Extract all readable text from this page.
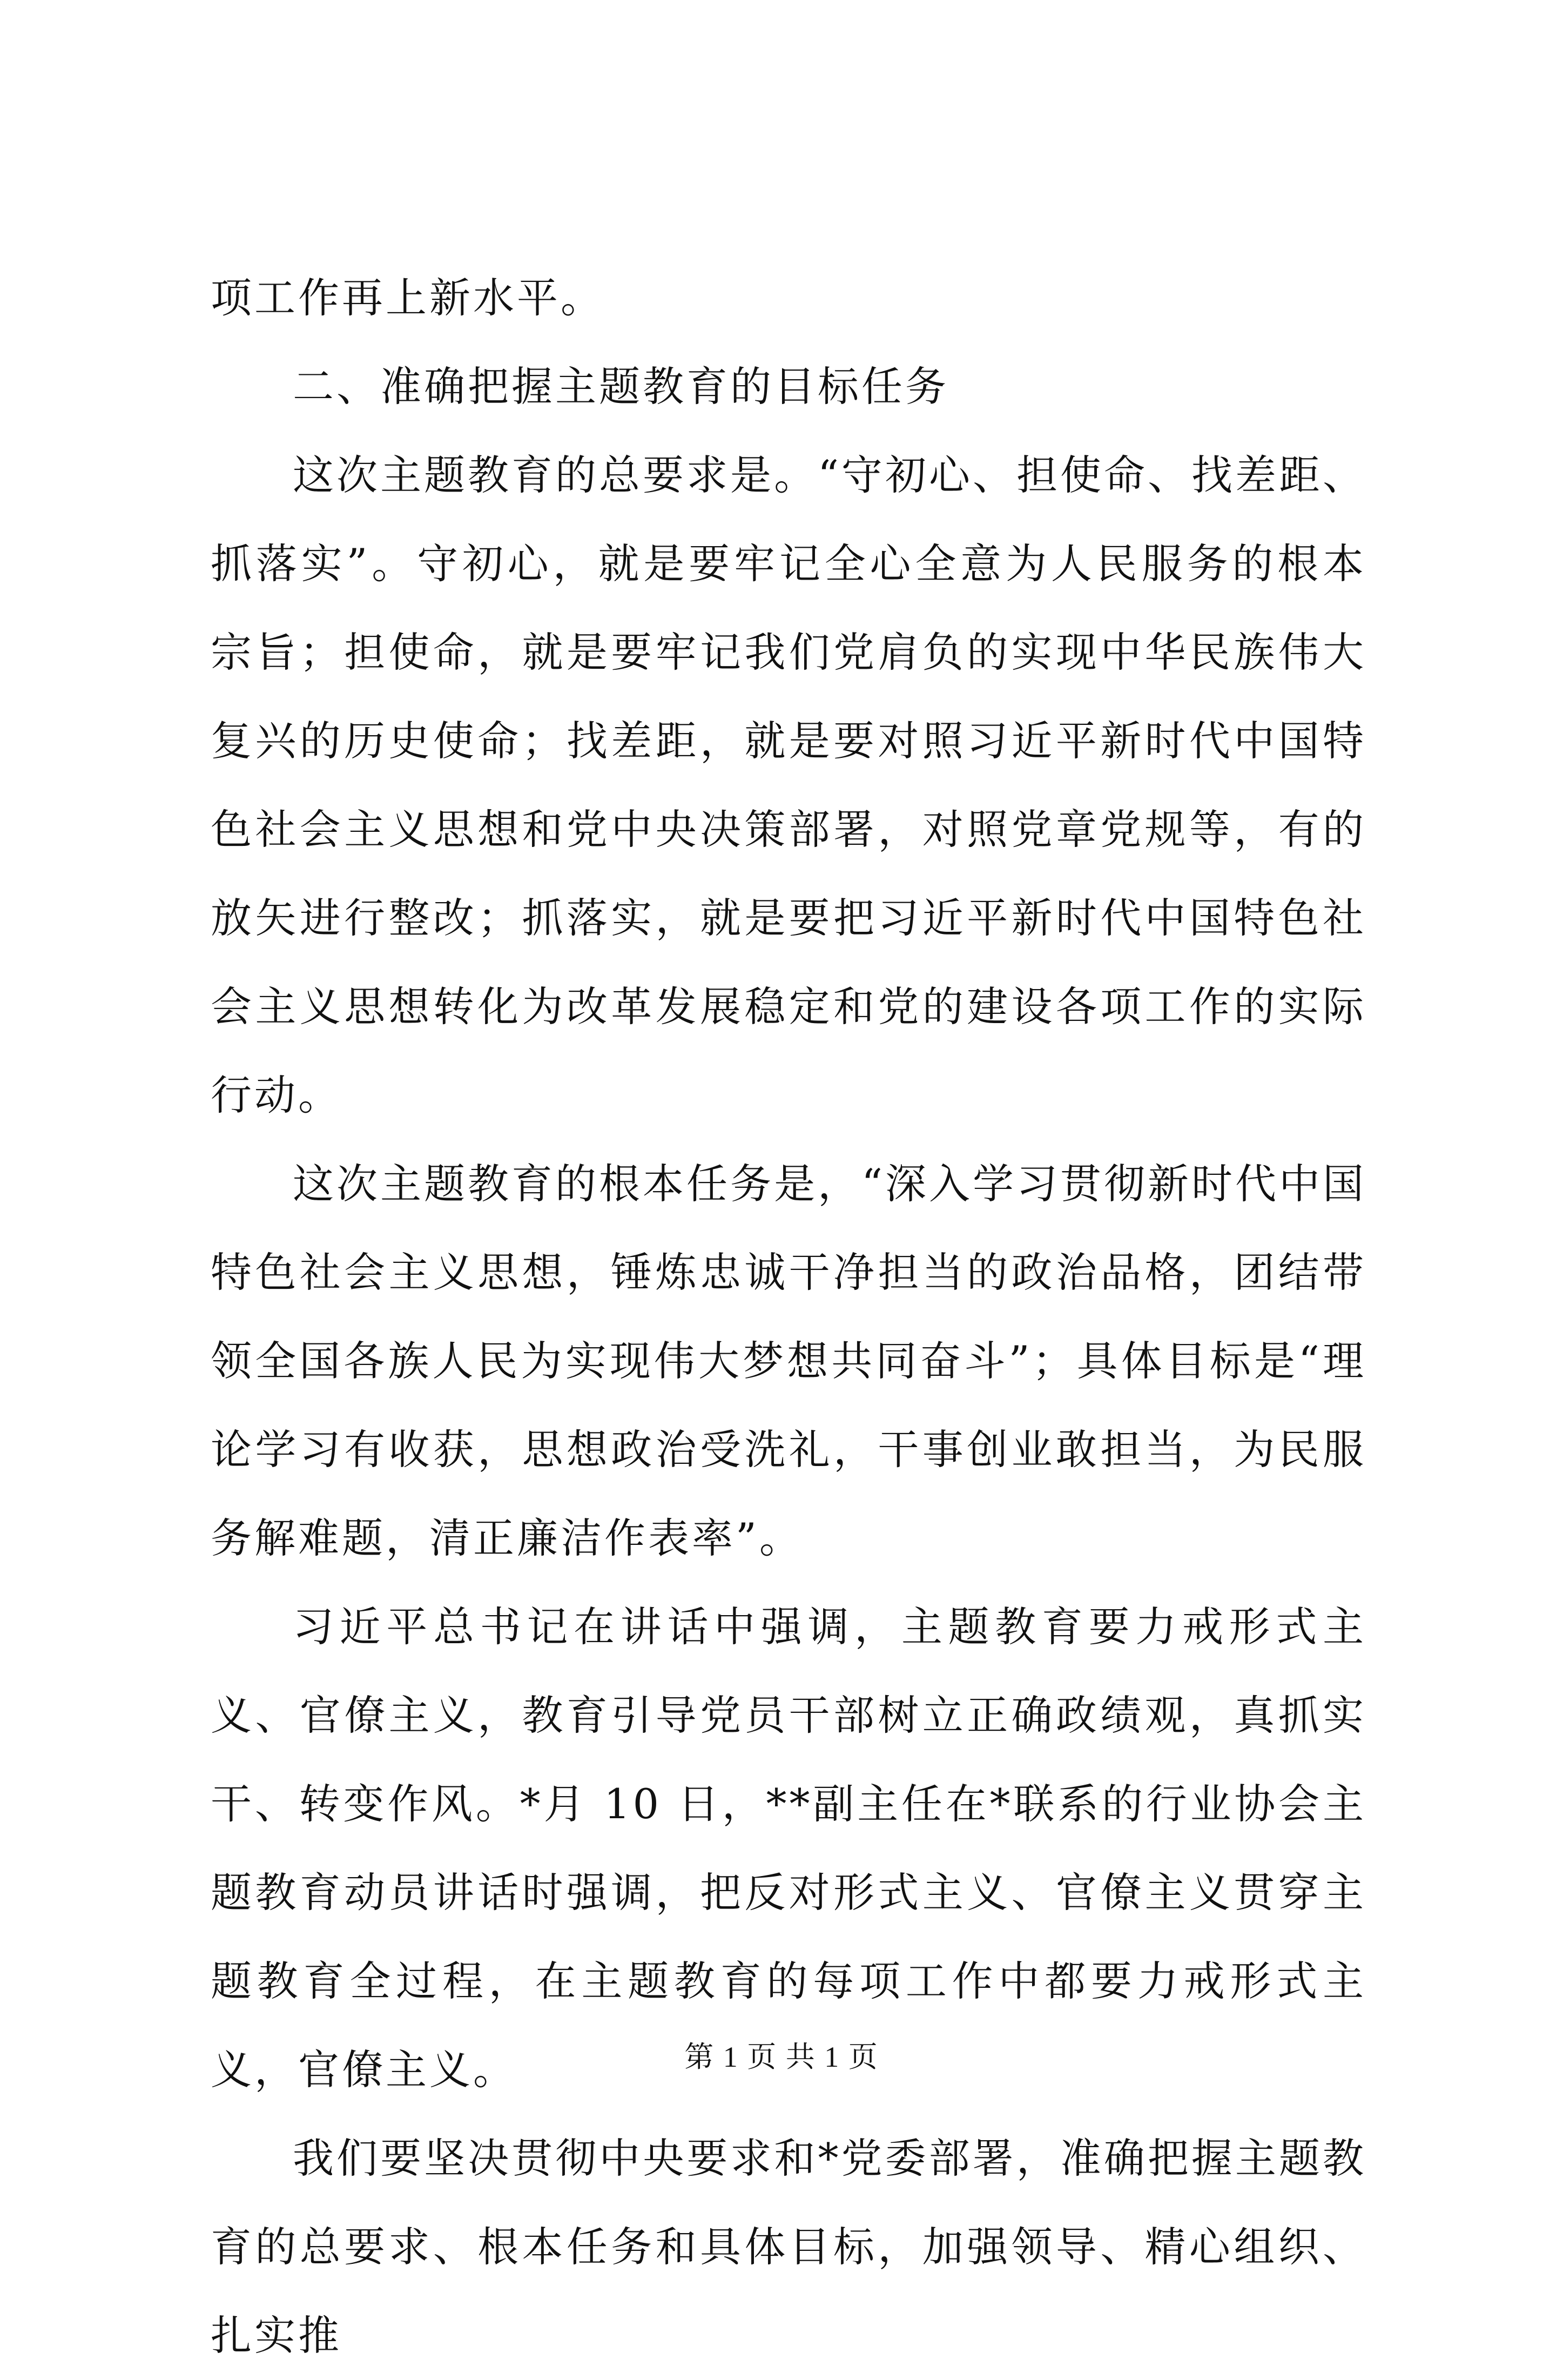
项工作再上新水平。

二、准确把握主题教育的目标任务

这次主题教育的总要求是。“守初心、担使命、找差距、抓落实”。守初心，就是要牢记全心全意为人民服务的根本宗旨；担使命，就是要牢记我们党肩负的实现中华民族伟大复兴的历史使命；找差距，就是要对照习近平新时代中国特色社会主义思想和党中央决策部署，对照党章党规等，有的放矢进行整改；抓落实，就是要把习近平新时代中国特色社会主义思想转化为改革发展稳定和党的建设各项工作的实际行动。

这次主题教育的根本任务是，“深入学习贯彻新时代中国特色社会主义思想，锤炼忠诚干净担当的政治品格，团结带领全国各族人民为实现伟大梦想共同奋斗”；具体目标是“理论学习有收获，思想政治受洗礼，干事创业敢担当，为民服务解难题，清正廉洁作表率”。

习近平总书记在讲话中强调，主题教育要力戒形式主义、官僚主义，教育引导党员干部树立正确政绩观，真抓实干、转变作风。*月 10 日，**副主任在*联系的行业协会主题教育动员讲话时强调，把反对形式主义、官僚主义贯穿主题教育全过程，在主题教育的每项工作中都要力戒形式主义，官僚主义。

我们要坚决贯彻中央要求和*党委部署，准确把握主题教育的总要求、根本任务和具体目标，加强领导、精心组织、扎实推

第 1 页 共 1 页
